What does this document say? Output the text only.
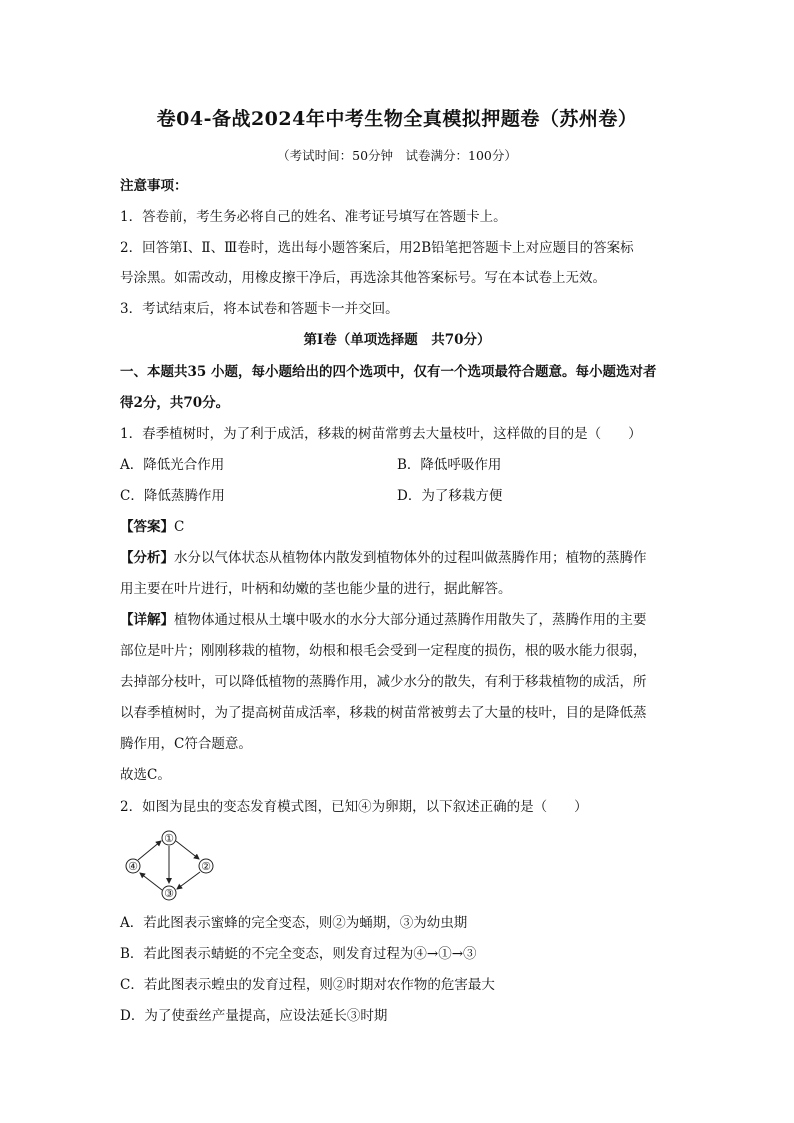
卷04-备战2024年中考生物全真模拟押题卷（苏州卷）
（考试时间：50分钟　试卷满分：100分）
注意事项：
1．答卷前，考生务必将自己的姓名、准考证号填写在答题卡上。
2．回答第Ⅰ、Ⅱ、Ⅲ卷时，选出每小题答案后，用2B铅笔把答题卡上对应题目的答案标
号涂黑。如需改动，用橡皮擦干净后，再选涂其他答案标号。写在本试卷上无效。
3．考试结束后，将本试卷和答题卡一并交回。
第Ⅰ卷（单项选择题　共70分）
一、本题共35 小题，每小题给出的四个选项中，仅有一个选项最符合题意。每小题选对者
得2分，共70分。
1．春季植树时，为了利于成活，移栽的树苗常剪去大量枝叶，这样做的目的是（　　）
A．降低光合作用	B．降低呼吸作用
C．降低蒸腾作用	D．为了移栽方便
【答案】C
【分析】水分以气体状态从植物体内散发到植物体外的过程叫做蒸腾作用；植物的蒸腾作
用主要在叶片进行，叶柄和幼嫩的茎也能少量的进行，据此解答。
【详解】植物体通过根从土壤中吸水的水分大部分通过蒸腾作用散失了，蒸腾作用的主要
部位是叶片；刚刚移栽的植物，幼根和根毛会受到一定程度的损伤，根的吸水能力很弱，
去掉部分枝叶，可以降低植物的蒸腾作用，减少水分的散失，有利于移栽植物的成活，所
以春季植树时，为了提高树苗成活率，移栽的树苗常被剪去了大量的枝叶，目的是降低蒸
腾作用，C符合题意。
故选C。
2．如图为昆虫的变态发育模式图，已知④为卵期，以下叙述正确的是（　　）
①
②
③
④
A．若此图表示蜜蜂的完全变态，则②为蛹期，③为幼虫期
B．若此图表示蜻蜓的不完全变态，则发育过程为④→①→③
C．若此图表示蝗虫的发育过程，则②时期对农作物的危害最大
D．为了使蚕丝产量提高，应设法延长③时期
